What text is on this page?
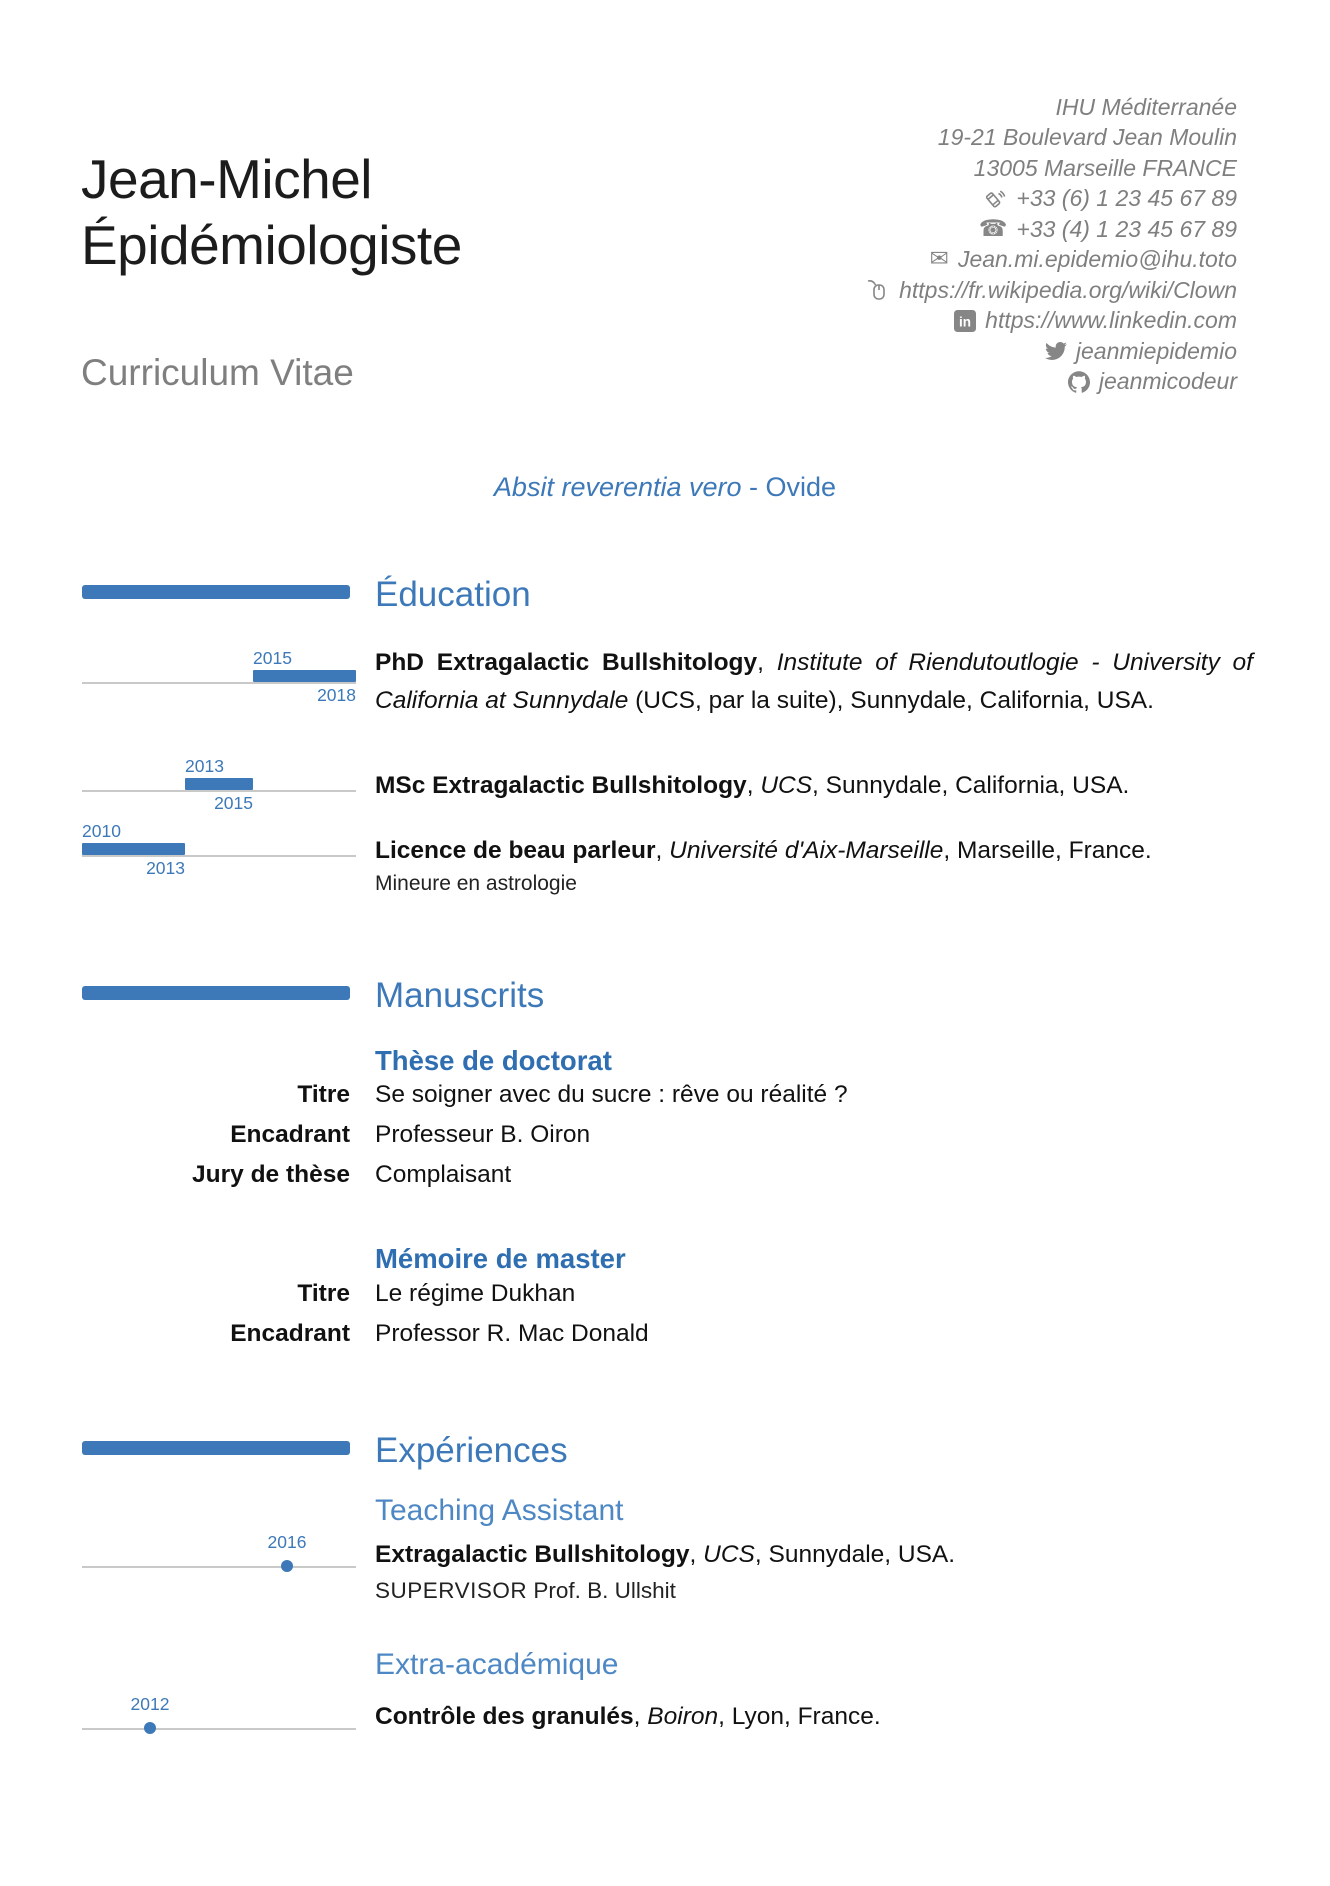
Jean-Michel
Épidémiologiste
Curriculum Vitae
IHU Méditerranée
19-21 Boulevard Jean Moulin
13005 Marseille FRANCE
+33 (6) 1 23 45 67 89
☎ +33 (4) 1 23 45 67 89
✉ Jean.mi.epidemio@ihu.toto
https://fr.wikipedia.org/wiki/Clown
in https://www.linkedin.com
jeanmiepidemio
jeanmicodeur
Absit reverentia vero - Ovide
Éducation
2015
2018
PhD Extragalactic Bullshitology, Institute of Riendutoutlogie - University of California at Sunnydale (UCS, par la suite), Sunnydale, California, USA.
2013
2015
MSc Extragalactic Bullshitology, UCS, Sunnydale, California, USA.
2010
2013
Licence de beau parleur, Université d'Aix-Marseille, Marseille, France.
Mineure en astrologie
Manuscrits
Thèse de doctorat
Titre Se soigner avec du sucre : rêve ou réalité ?
Encadrant Professeur B. Oiron
Jury de thèse Complaisant
Mémoire de master
Titre Le régime Dukhan
Encadrant Professor R. Mac Donald
Expériences
Teaching Assistant
2016	Extragalactic Bullshitology, UCS, Sunnydale, USA.
SUPERVISOR Prof. B. Ullshit
Extra-académique
2012	Contrôle des granulés, Boiron, Lyon, France.
